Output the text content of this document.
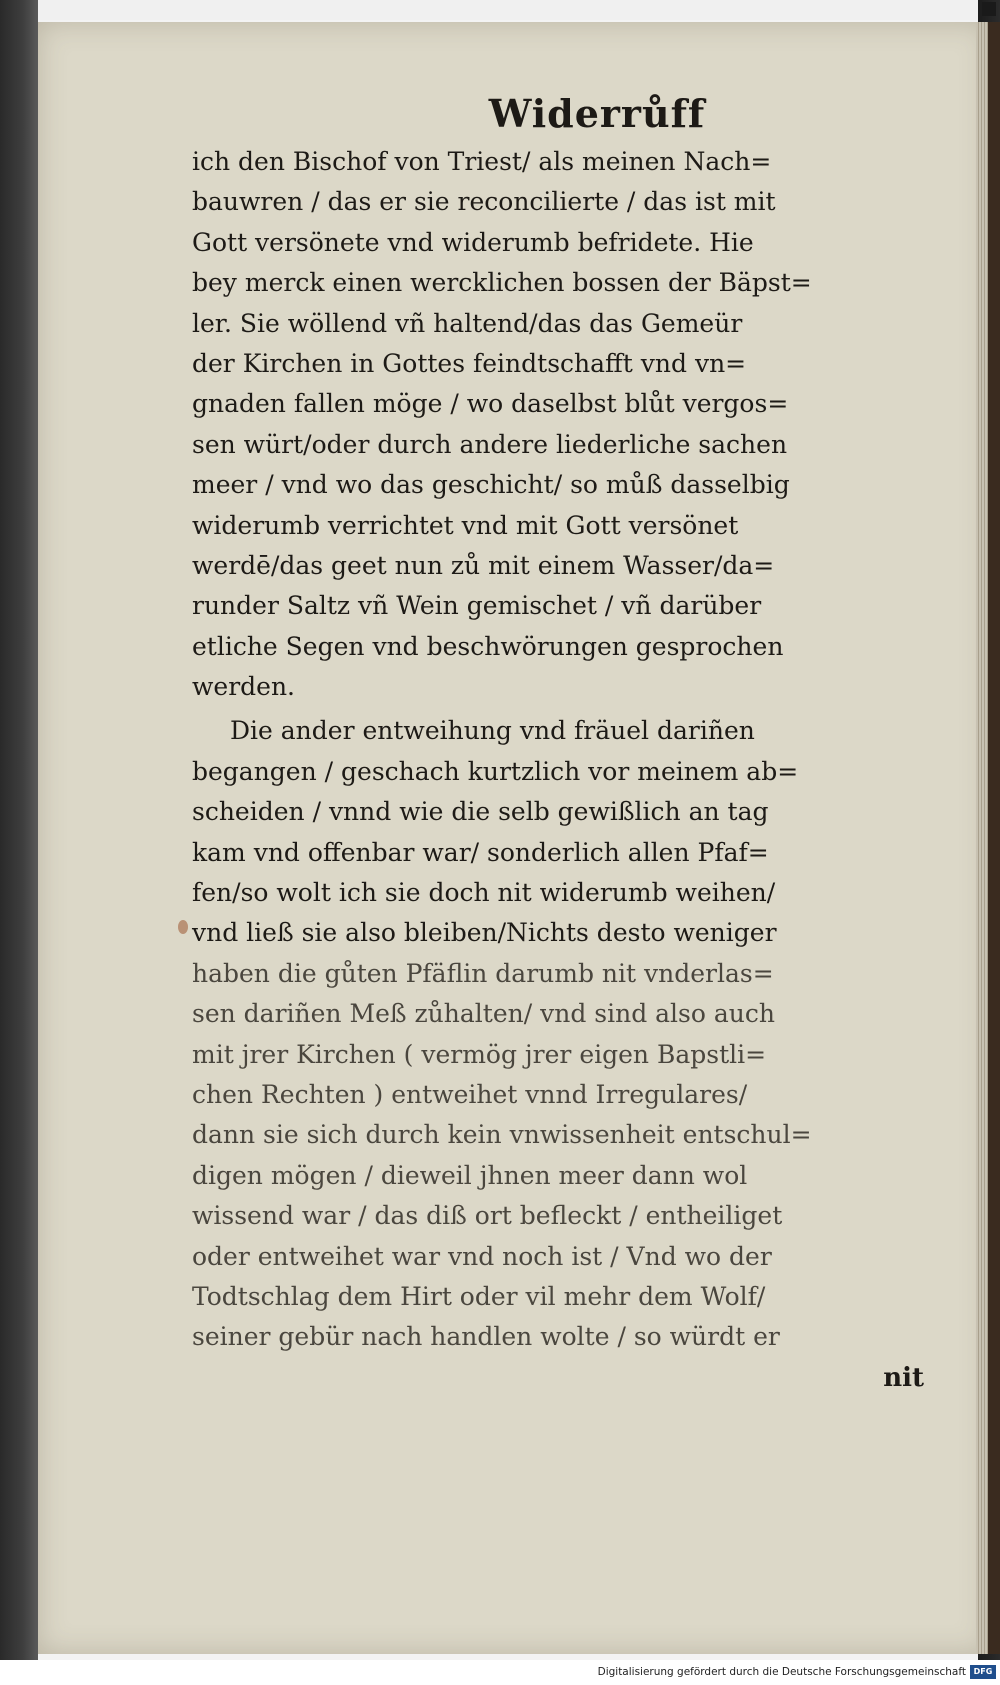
Widerrůff
ich den Bischof von Triest/ als meinen Nach=
bauwren / das er sie reconcilierte / das ist mit
Gott versönete vnd widerumb befridete. Hie
bey merck einen wercklichen bossen der Bäpst=
ler. Sie wöllend vñ haltend/das das Gemeür
der Kirchen in Gottes feindtschafft vnd vn=
gnaden fallen möge / wo daselbst blůt vergos=
sen würt/oder durch andere liederliche sachen
meer / vnd wo das geschicht/ so můß dasselbig
widerumb verrichtet vnd mit Gott versönet
werdē/das geet nun zů mit einem Wasser/da=
runder Saltz vñ Wein gemischet / vñ darüber
etliche Segen vnd beschwörungen gesprochen
werden.
Die ander entweihung vnd fräuel dariñen
begangen / geschach kurtzlich vor meinem ab=
scheiden / vnnd wie die selb gewißlich an tag
kam vnd offenbar war/ sonderlich allen Pfaf=
fen/so wolt ich sie doch nit widerumb weihen/
vnd ließ sie also bleiben/Nichts desto weniger
haben die gůten Pfäflin darumb nit vnderlas=
sen dariñen Meß zůhalten/ vnd sind also auch
mit jrer Kirchen ( vermög jrer eigen Bapstli=
chen Rechten ) entweihet vnnd Irregulares/
dann sie sich durch kein vnwissenheit entschul=
digen mögen / dieweil jhnen meer dann wol
wissend war / das diß ort befleckt / entheiliget
oder entweihet war vnd noch ist / Vnd wo der
Todtschlag dem Hirt oder vil mehr dem Wolf/
seiner gebür nach handlen wolte / so würdt er
nit
Digitalisierung gefördert durch die Deutsche Forschungsgemeinschaft DFG
